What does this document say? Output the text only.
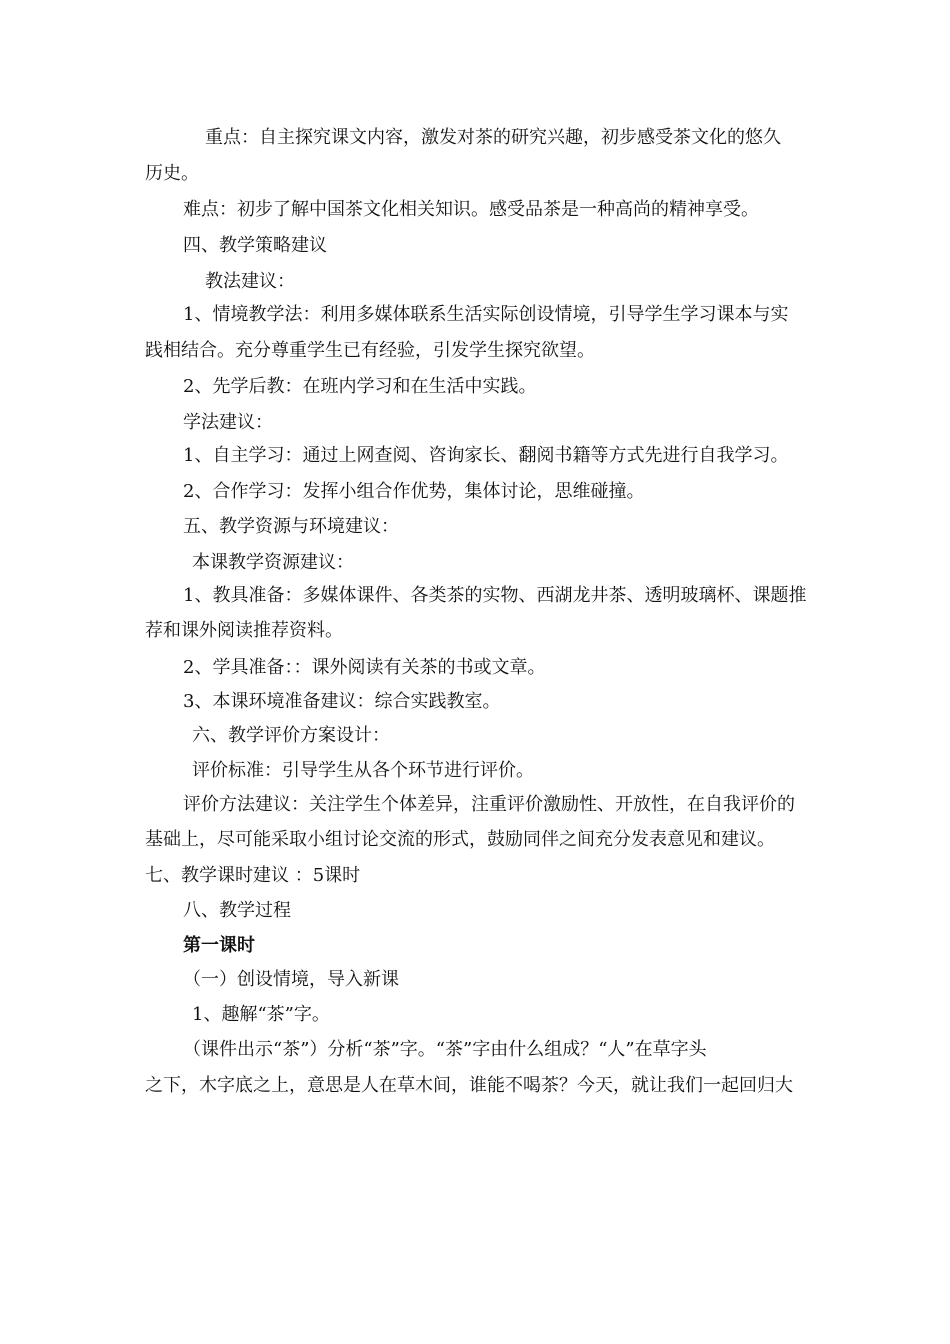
重点：自主探究课文内容，激发对茶的研究兴趣，初步感受茶文化的悠久
历史。
难点：初步了解中国茶文化相关知识。感受品茶是一种高尚的精神享受。
四、教学策略建议
教法建议：
1、情境教学法：利用多媒体联系生活实际创设情境，引导学生学习课本与实
践相结合。充分尊重学生已有经验，引发学生探究欲望。
2、先学后教：在班内学习和在生活中实践。
学法建议：
1、自主学习：通过上网查阅、咨询家长、翻阅书籍等方式先进行自我学习。
2、合作学习：发挥小组合作优势，集体讨论，思维碰撞。
五、教学资源与环境建议：
本课教学资源建议：
1、教具准备：多媒体课件、各类茶的实物、西湖龙井茶、透明玻璃杯、课题推
荐和课外阅读推荐资料。
2、学具准备：：课外阅读有关茶的书或文章。
3、本课环境准备建议：综合实践教室。
六、教学评价方案设计：
评价标准：引导学生从各个环节进行评价。
评价方法建议：关注学生个体差异，注重评价激励性、开放性，在自我评价的
基础上，尽可能采取小组讨论交流的形式，鼓励同伴之间充分发表意见和建议。
七、教学课时建议 ：5课时
八、教学过程
第一课时
（一）创设情境，导入新课
1、趣解“茶”字。
（课件出示“茶”）分析“茶”字。“茶”字由什么组成？“人”在草字头
之下，木字底之上，意思是人在草木间，谁能不喝茶？今天，就让我们一起回归大
